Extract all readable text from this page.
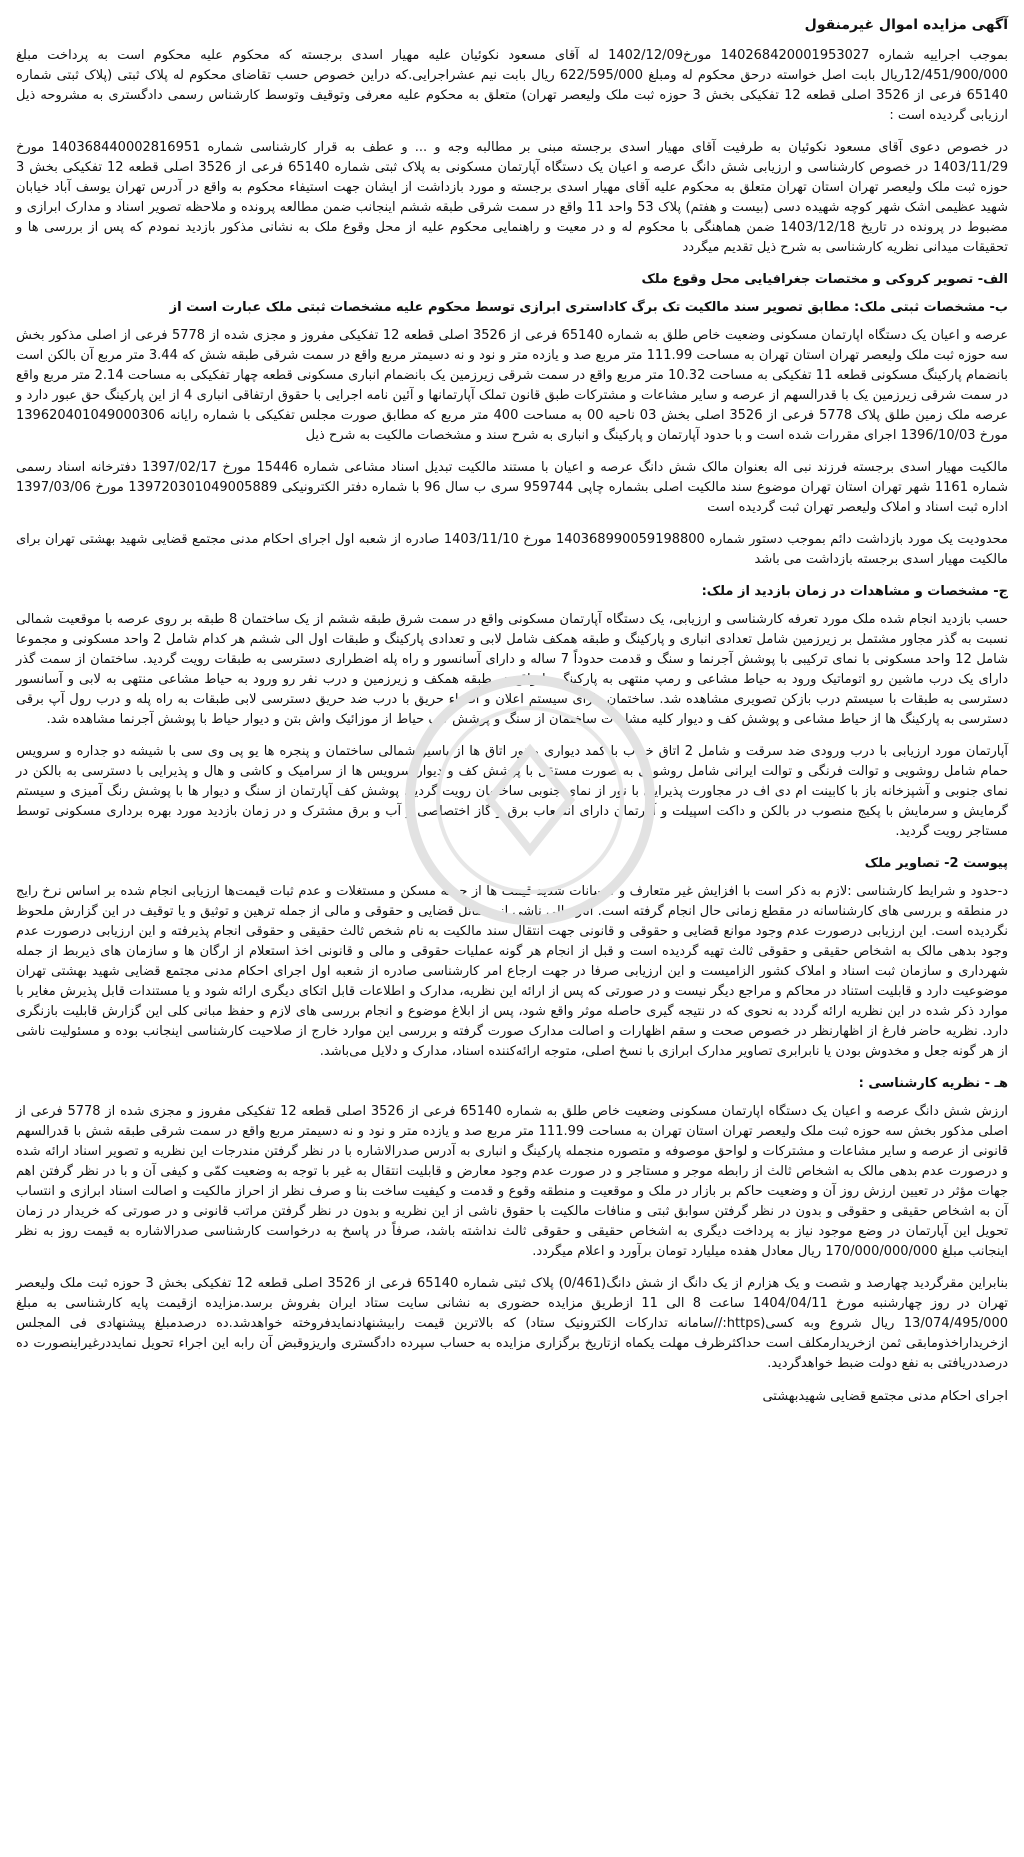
آگهی مزایده اموال غیرمنقول

بموجب اجراییه شماره 140268420001953027 مورخ1402/12/09 له آقای مسعود نکوئیان علیه مهیار اسدی برجسته که محکوم علیه محکوم است به پرداخت مبلغ 12/451/900/000ریال بابت اصل خواسته درحق محکوم له ومبلغ 622/595/000 ریال بابت نیم عشراجرایی.که دراین خصوص حسب تقاضای محکوم له پلاک ثبتی (پلاک ثبتی شماره 65140 فرعی از 3526 اصلی قطعه 12 تفکیکی بخش 3 حوزه ثبت ملک ولیعصر تهران) متعلق به محکوم علیه معرفی وتوقیف وتوسط کارشناس رسمی دادگستری به مشروحه ذیل ارزیابی گردیده است :

در خصوص دعوی آقای مسعود نکوئیان به طرفیت آقای مهیار اسدی برجسته مبنی بر مطالبه وجه و ... و عطف به قرار کارشناسی شماره 140368440002816951 مورخ 1403/11/29 در خصوص کارشناسی و ارزیابی شش دانگ عرصه و اعیان یک دستگاه آپارتمان مسکونی به پلاک ثبتی شماره 65140 فرعی از 3526 اصلی قطعه 12 تفکیکی بخش 3 حوزه ثبت ملک ولیعصر تهران استان تهران متعلق به محکوم علیه آقای مهیار اسدی برجسته و مورد بازداشت از ایشان جهت استیفاء محکوم به واقع در آدرس تهران یوسف آباد خیابان شهید عظیمی اشک شهر کوچه شهیده دسی (بیست و هفتم) پلاک 53 واحد 11 واقع در سمت شرقی طبقه ششم اینجانب ضمن مطالعه پرونده و ملاحظه تصویر اسناد و مدارک ابرازی و مضبوط در پرونده در تاریخ 1403/12/18 ضمن هماهنگی با محکوم له و در معیت و راهنمایی محکوم علیه از محل وقوع ملک به نشانی مذکور بازدید نمودم که پس از بررسی ها و تحقیقات میدانی نظریه کارشناسی به شرح ذیل تقدیم میگردد

الف- تصویر کروکی و مختصات جغرافیایی محل وقوع ملک
ب- مشخصات ثبتی ملک: مطابق تصویر سند مالکیت تک برگ کاداستری ابرازی توسط محکوم علیه مشخصات ثبتی ملک عبارت است از

عرصه و اعیان یک دستگاه اپارتمان مسکونی وضعیت خاص طلق به شماره 65140 فرعی از 3526 اصلی قطعه 12 تفکیکی مفروز و مجزی شده از 5778 فرعی از اصلی مذکور بخش سه حوزه ثبت ملک ولیعصر تهران استان تهران به مساحت 111.99 متر مربع صد و یازده متر و نود و نه دسیمتر مربع واقع در سمت شرقی طبقه شش که 3.44 متر مربع آن بالکن است بانضمام پارکینگ مسکونی قطعه 11 تفکیکی به مساحت 10.32 متر مربع واقع در سمت شرقی زیرزمین یک بانضمام انباری مسکونی قطعه چهار تفکیکی به مساحت 2.14 متر مربع واقع در سمت شرقی زیرزمین یک با قدرالسهم از عرصه و سایر مشاعات و مشترکات طبق قانون تملک آپارتمانها و آئین نامه اجرایی با حقوق ارتفاقی انباری 4 از این پارکینگ حق عبور دارد و عرصه ملک زمین طلق پلاک 5778 فرعی از 3526 اصلی بخش 03 ناحیه 00 به مساحت 400 متر مربع که مطابق صورت مجلس تفکیکی با شماره رایانه 139620401049000306 مورخ 1396/10/03 اجرای مقررات شده است و با حدود آپارتمان و پارکینگ و انباری به شرح سند و مشخصات مالکیت به شرح ذیل

مالکیت مهیار اسدی برجسته فرزند نبی اله بعنوان مالک شش دانگ عرصه و اعیان با مستند مالکیت تبدیل اسناد مشاعی شماره 15446 مورخ 1397/02/17 دفترخانه اسناد رسمی شماره 1161 شهر تهران استان تهران موضوع سند مالکیت اصلی بشماره چاپی 959744 سری ب سال 96 با شماره دفتر الکترونیکی 139720301049005889 مورخ 1397/03/06 اداره ثبت اسناد و املاک ولیعصر تهران ثبت گردیده است

محدودیت یک مورد بازداشت دائم بموجب دستور شماره 140368990059198800 مورخ 1403/11/10 صادره از شعبه اول اجرای احکام مدنی مجتمع قضایی شهید بهشتی تهران برای مالکیت مهیار اسدی برجسته بازداشت می باشد

ج- مشخصات و مشاهدات در زمان بازدید از ملک:

حسب بازدید انجام شده ملک مورد تعرفه کارشناسی و ارزیابی، یک دستگاه آپارتمان مسکونی واقع در سمت شرق طبقه ششم از یک ساختمان 8 طبقه بر روی عرصه با موقعیت شمالی نسبت به گذر مجاور مشتمل بر زیرزمین شامل تعدادی انباری و پارکینگ و طبقه همکف شامل لابی و تعدادی پارکینگ و طبقات اول الی ششم هر کدام شامل 2 واحد مسکونی و مجموعا شامل 12 واحد مسکونی با نمای ترکیبی با پوشش آجرنما و سنگ و قدمت حدوداً 7 ساله و دارای آسانسور و راه پله اضطراری دسترسی به طبقات رویت گردید. ساختمان از سمت گذر دارای یک درب ماشین رو اتوماتیک ورود به حیاط مشاعی و رمپ منتهی به پارکینگ ها واقع در طبقه همکف و زیرزمین و درب نفر رو ورود به حیاط مشاعی منتهی به لابی و آسانسور دسترسی به طبقات با سیستم درب بازکن تصویری مشاهده شد. ساختمان دارای سیستم اعلان و اطفاء حریق با درب ضد حریق دسترسی لابی طبقات به راه پله و درب رول آپ برقی دسترسی به پارکینگ ها از حیاط مشاعی و پوشش کف و دیوار کلیه مشاعات ساختمان از سنگ و پوشش کف حیاط از موزائیک واش بتن و دیوار حیاط با پوشش آجرنما مشاهده شد.

آپارتمان مورد ارزیابی با درب ورودی ضد سرقت و شامل 2 اتاق خواب با کمد دیواری و نور اتاق ها از پاسیو شمالی ساختمان و پنجره ها یو پی وی سی با شیشه دو جداره و سرویس حمام شامل روشویی و توالت فرنگی و توالت ایرانی شامل روشویی به صورت مستقل با پوشش کف و دیوار سرویس ها از سرامیک و کاشی و هال و پذیرایی با دسترسی به بالکن در نمای جنوبی و آشپزخانه باز با کابینت ام دی اف در مجاورت پذیرایی با نور از نمای جنوبی ساختمان رویت گردید. پوشش کف آپارتمان از سنگ و دیوار ها با پوشش رنگ آمیزی و سیستم گرمایش و سرمایش با پکیج منصوب در بالکن و داکت اسپیلت و آپارتمان دارای انشعاب برق و گاز اختصاصی و آب و برق مشترک و در زمان بازدید مورد بهره برداری مسکونی توسط مستاجر رویت گردید.

پیوست 2- تصاویر ملک

د-حدود و شرایط کارشناسی :لازم به ذکر است با افزایش غیر متعارف و نوسانات شدید قیمت ها از جمله مسکن و مستغلات و عدم ثبات قیمت‌ها ارزیابی انجام شده بر اساس نرخ رایج در منطقه و بررسی های کارشناسانه در مقطع زمانی حال انجام گرفته است. آثار مالی ناشی از مسائل قضایی و حقوقی و مالی از جمله ترهین و توثیق و یا توقیف در این گزارش ملحوظ نگردیده است. این ارزیابی درصورت عدم وجود موانع قضایی و حقوقی و قانونی جهت انتقال سند مالکیت به نام شخص ثالث حقیقی و حقوقی انجام پذیرفته و این ارزیابی درصورت عدم وجود بدهی مالک به اشخاص حقیقی و حقوقی ثالث تهیه گردیده است و قبل از انجام هر گونه عملیات حقوقی و مالی و قانونی اخذ استعلام از ارگان ها و سازمان های ذیربط از جمله شهرداری و سازمان ثبت اسناد و املاک کشور الزامیست و این ارزیابی صرفا در جهت ارجاع امر کارشناسی صادره از شعبه اول اجرای احکام مدنی مجتمع قضایی شهید بهشتی تهران موضوعیت دارد و قابلیت استناد در محاکم و مراجع دیگر نیست و در صورتی که پس از ارائه این نظریه، مدارک و اطلاعات قابل اتکای دیگری ارائه شود و یا مستندات قابل پذیرش مغایر با موارد ذکر شده در این نظریه ارائه گردد به نحوی که در نتیجه گیری حاصله موثر واقع شود، پس از ابلاغ موضوع و انجام بررسی های لازم و حفظ مبانی کلی این گزارش قابلیت بازنگری دارد. نظریه حاضر فارغ از اظهارنظر در خصوص صحت و سقم اظهارات و اصالت مدارک صورت گرفته و بررسی این موارد خارج از صلاحیت کارشناسی اینجانب بوده و مسئولیت ناشی از هر گونه جعل و مخدوش بودن یا نابرابری تصاویر مدارک ابرازی با نسخ اصلی، متوجه ارائه‌کننده اسناد، مدارک و دلایل می‌باشد.

هـ - نظریه کارشناسی :

ارزش شش دانگ عرصه و اعیان یک دستگاه اپارتمان مسکونی وضعیت خاص طلق به شماره 65140 فرعی از 3526 اصلی قطعه 12 تفکیکی مفروز و مجزی شده از 5778 فرعی از اصلی مذکور بخش سه حوزه ثبت ملک ولیعصر تهران استان تهران به مساحت 111.99 متر مربع صد و یازده متر و نود و نه دسیمتر مربع واقع در سمت شرقی طبقه شش با قدرالسهم قانونی از عرصه و سایر مشاعات و مشترکات و لواحق موصوفه و متصوره منجمله پارکینگ و انباری به آدرس صدرالاشاره با در نظر گرفتن مندرجات این نظریه و تصویر اسناد ارائه شده و درصورت عدم بدهی مالک به اشخاص ثالث از رابطه موجر و مستاجر و در صورت عدم وجود معارض و قابلیت انتقال به غیر با توجه به وضعیت کمّی و کیفی آن و با در نظر گرفتن اهم جهات مؤثر در تعیین ارزش روز آن و وضعیت حاکم بر بازار در ملک و موقعیت و منطقه وقوع و قدمت و کیفیت ساخت بنا و صرف نظر از احراز مالکیت و اصالت اسناد ابرازی و انتساب آن به اشخاص حقیقی و حقوقی و بدون در نظر گرفتن سوابق ثبتی و منافات مالکیت با حقوق ناشی از این نظریه و بدون در نظر گرفتن مراتب قانونی و در صورتی که خریدار در زمان تحویل این آپارتمان در وضع موجود نیاز به پرداخت دیگری به اشخاص حقیقی و حقوقی ثالث نداشته باشد، صرفاً در پاسخ به درخواست کارشناسی صدرالاشاره به قیمت روز به نظر اینجانب مبلغ 170/000/000/000 ریال معادل هفده میلیارد تومان برآورد و اعلام میگردد.

بنابراین مقرگردید چهارصد و شصت و یک هزارم از یک دانگ از شش دانگ(0/461) پلاک ثبتی شماره 65140 فرعی از 3526 اصلی قطعه 12 تفکیکی بخش 3 حوزه ثبت ملک ولیعصر تهران در روز چهارشنبه مورخ 1404/04/11 ساعت 8 الی 11 ازطریق مزایده حضوری به نشانی سایت ستاد ایران بفروش برسد.مزایده ازقیمت پایه کارشناسی به مبلغ 13/074/495/000 ریال شروع وبه کسی(https://سامانه تدارکات الکترونیک ستاد) که بالاترین قیمت رابیشنهادنمایدفروخته خواهدشد.ده درصدمبلغ پیشنهادی فی المجلس ازخریداراخذومابقی ثمن ازخریدارمکلف است حداکثرظرف مهلت یکماه ازتاریخ برگزاری مزایده به حساب سپرده دادگستری واریزوقبض آن رابه این اجراء تحویل نمایددرغیراینصورت ده درصددریافتی به نفع دولت ضبط خواهدگردید.

اجرای احکام مدنی مجتمع قضایی شهیدبهشتی
